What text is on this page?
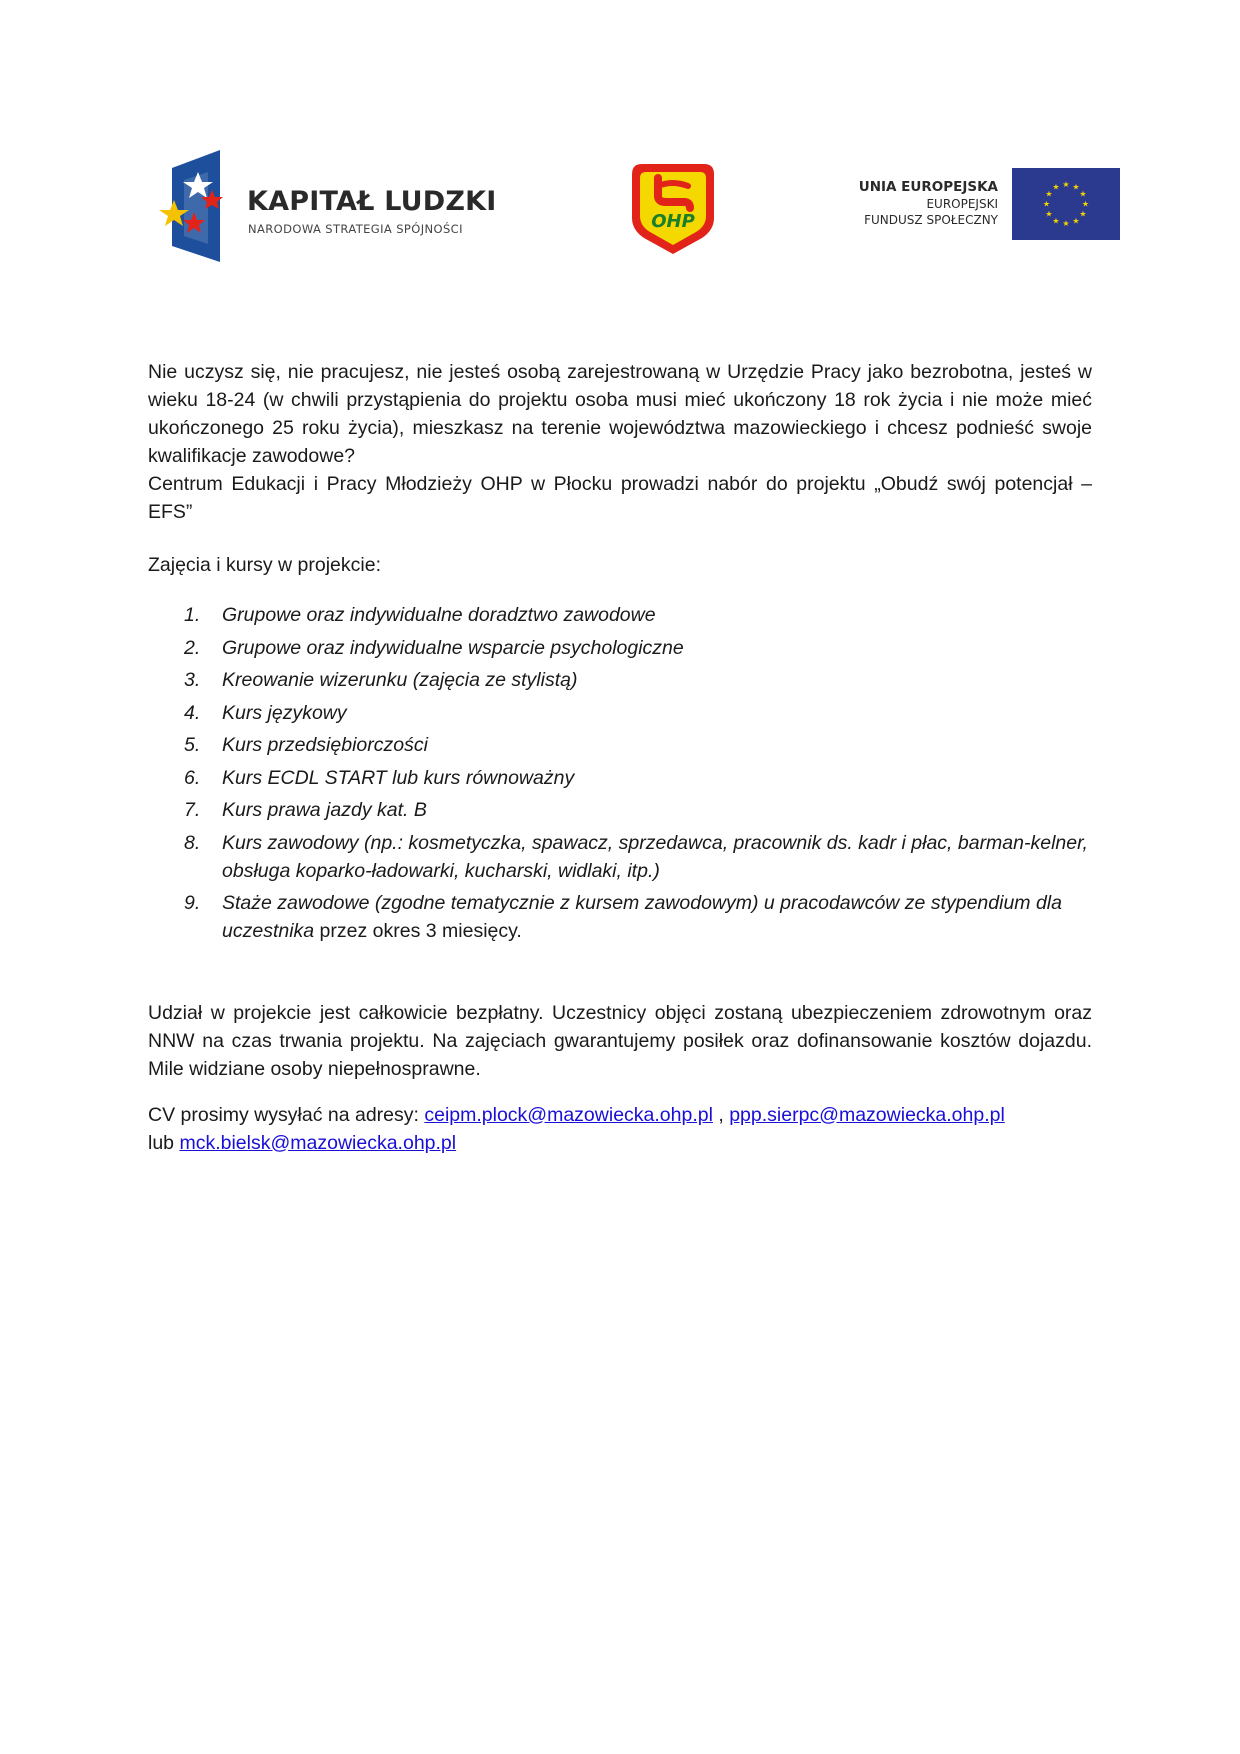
KAPITAŁ LUDZKI
NARODOWA STRATEGIA SPÓJNOŚCI	OHP
UNIA EUROPEJSKA
EUROPEJSKI
FUNDUSZ SPOŁECZNY
★ ★
★
★
★
★
★
★
★
★
★
★

Nie uczysz się, nie pracujesz, nie jesteś osobą zarejestrowaną w Urzędzie Pracy jako bezrobotna, jesteś w wieku 18-24 (w chwili przystąpienia do projektu osoba musi mieć ukończony 18 rok życia i nie może mieć ukończonego 25 roku życia), mieszkasz na terenie województwa mazowieckiego i chcesz podnieść swoje kwalifikacje zawodowe?

Centrum Edukacji i Pracy Młodzieży OHP w Płocku prowadzi nabór do projektu „Obudź swój potencjał – EFS”

Zajęcia i kursy w projekcie:

1. Grupowe oraz indywidualne doradztwo zawodowe
2. Grupowe oraz indywidualne wsparcie psychologiczne
3. Kreowanie wizerunku (zajęcia ze stylistą)
4. Kurs językowy
5. Kurs przedsiębiorczości
6. Kurs ECDL START lub kurs równoważny
7. Kurs prawa jazdy kat. B
8. Kurs zawodowy (np.: kosmetyczka, spawacz, sprzedawca, pracownik ds. kadr i płac, barman-kelner, obsługa koparko-ładowarki, kucharski, widlaki, itp.)
9. Staże zawodowe (zgodne tematycznie z kursem zawodowym) u pracodawców ze stypendium dla uczestnika przez okres 3 miesięcy.

Udział w projekcie jest całkowicie bezpłatny. Uczestnicy objęci zostaną ubezpieczeniem zdrowotnym oraz NNW na czas trwania projektu. Na zajęciach gwarantujemy posiłek oraz dofinansowanie kosztów dojazdu. Mile widziane osoby niepełnosprawne.

CV prosimy wysyłać na adresy: ceipm.plock@mazowiecka.ohp.pl , ppp.sierpc@mazowiecka.ohp.pl
lub mck.bielsk@mazowiecka.ohp.pl
